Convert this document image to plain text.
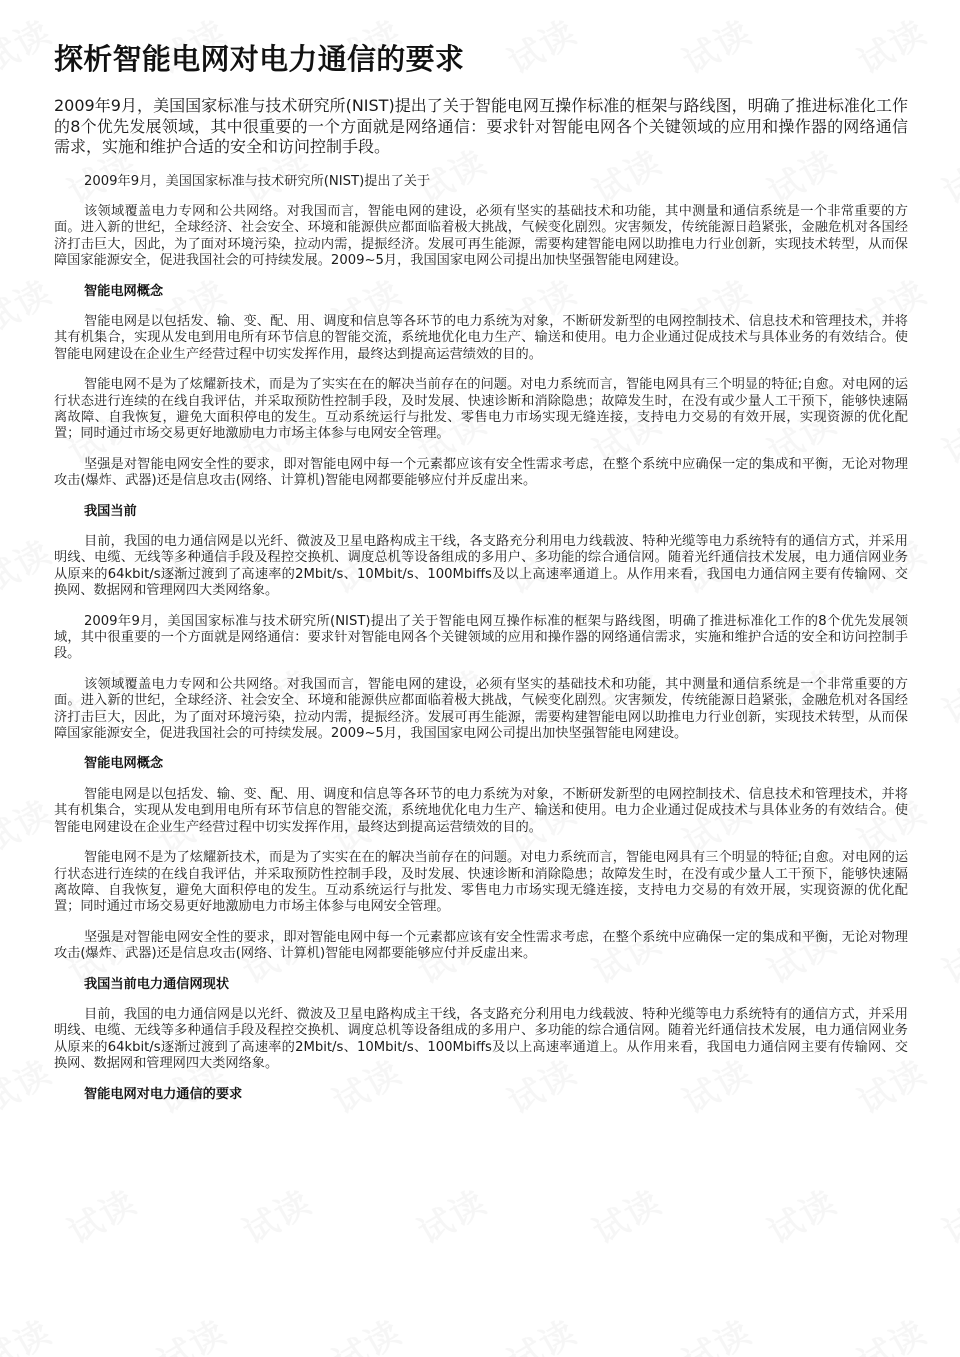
探析智能电网对电力通信的要求

2009年9月，美国国家标准与技术研究所(NIST)提出了关于智能电网互操作标准的框架与路线图，明确了推进标准化工作的8个优先发展领域，其中很重要的一个方面就是网络通信：要求针对智能电网各个关键领域的应用和操作器的网络通信需求，实施和维护合适的安全和访问控制手段。

2009年9月，美国国家标准与技术研究所(NIST)提出了关于

该领域覆盖电力专网和公共网络。对我国而言，智能电网的建设，必须有坚实的基础技术和功能，其中测量和通信系统是一个非常重要的方面。进入新的世纪，全球经济、社会安全、环境和能源供应都面临着极大挑战，气候变化剧烈。灾害频发，传统能源日趋紧张，金融危机对各国经济打击巨大，因此，为了面对环境污染，拉动内需，提振经济。发展可再生能源，需要构建智能电网以助推电力行业创新，实现技术转型，从而保障国家能源安全，促进我国社会的可持续发展。2009~5月，我国国家电网公司提出加快坚强智能电网建设。

智能电网概念

智能电网是以包括发、输、变、配、用、调度和信息等各环节的电力系统为对象，不断研发新型的电网控制技术、信息技术和管理技术，并将其有机集合，实现从发电到用电所有环节信息的智能交流，系统地优化电力生产、输送和使用。电力企业通过促成技术与具体业务的有效结合。使智能电网建设在企业生产经营过程中切实发挥作用，最终达到提高运营绩效的目的。

智能电网不是为了炫耀新技术，而是为了实实在在的解决当前存在的问题。对电力系统而言，智能电网具有三个明显的特征;自愈。对电网的运行状态进行连续的在线自我评估，并采取预防性控制手段，及时发展、快速诊断和消除隐患；故障发生时，在没有或少量人工干预下，能够快速隔离故障、自我恢复，避免大面积停电的发生。互动系统运行与批发、零售电力市场实现无缝连接，支持电力交易的有效开展，实现资源的优化配置；同时通过市场交易更好地激励电力市场主体参与电网安全管理。

坚强是对智能电网安全性的要求，即对智能电网中每一个元素都应该有安全性需求考虑，在整个系统中应确保一定的集成和平衡，无论对物理攻击(爆炸、武器)还是信息攻击(网络、计算机)智能电网都要能够应付并反虚出来。

我国当前

目前，我国的电力通信网是以光纤、微波及卫星电路构成主干线，各支路充分利用电力线载波、特种光缆等电力系统特有的通信方式，并采用明线、电缆、无线等多种通信手段及程控交换机、调度总机等设备组成的多用户、多功能的综合通信网。随着光纤通信技术发展，电力通信网业务从原来的64kbit/s逐渐过渡到了高速率的2Mbit/s、10Mbit/s、100Mbiffs及以上高速率通道上。从作用来看，我国电力通信网主要有传输网、交换网、数据网和管理网四大类网络象。

2009年9月，美国国家标准与技术研究所(NIST)提出了关于智能电网互操作标准的框架与路线图，明确了推进标准化工作的8个优先发展领域，其中很重要的一个方面就是网络通信：要求针对智能电网各个关键领域的应用和操作器的网络通信需求，实施和维护合适的安全和访问控制手段。

该领域覆盖电力专网和公共网络。对我国而言，智能电网的建设，必须有坚实的基础技术和功能，其中测量和通信系统是一个非常重要的方面。进入新的世纪，全球经济、社会安全、环境和能源供应都面临着极大挑战，气候变化剧烈。灾害频发，传统能源日趋紧张，金融危机对各国经济打击巨大，因此，为了面对环境污染，拉动内需，提振经济。发展可再生能源，需要构建智能电网以助推电力行业创新，实现技术转型，从而保障国家能源安全，促进我国社会的可持续发展。2009~5月，我国国家电网公司提出加快坚强智能电网建设。

智能电网概念

智能电网是以包括发、输、变、配、用、调度和信息等各环节的电力系统为对象，不断研发新型的电网控制技术、信息技术和管理技术，并将其有机集合，实现从发电到用电所有环节信息的智能交流，系统地优化电力生产、输送和使用。电力企业通过促成技术与具体业务的有效结合。使智能电网建设在企业生产经营过程中切实发挥作用，最终达到提高运营绩效的目的。

智能电网不是为了炫耀新技术，而是为了实实在在的解决当前存在的问题。对电力系统而言，智能电网具有三个明显的特征;自愈。对电网的运行状态进行连续的在线自我评估，并采取预防性控制手段，及时发展、快速诊断和消除隐患；故障发生时，在没有或少量人工干预下，能够快速隔离故障、自我恢复，避免大面积停电的发生。互动系统运行与批发、零售电力市场实现无缝连接，支持电力交易的有效开展，实现资源的优化配置；同时通过市场交易更好地激励电力市场主体参与电网安全管理。

坚强是对智能电网安全性的要求，即对智能电网中每一个元素都应该有安全性需求考虑，在整个系统中应确保一定的集成和平衡，无论对物理攻击(爆炸、武器)还是信息攻击(网络、计算机)智能电网都要能够应付并反虚出来。

我国当前电力通信网现状

目前，我国的电力通信网是以光纤、微波及卫星电路构成主干线，各支路充分利用电力线载波、特种光缆等电力系统特有的通信方式，并采用明线、电缆、无线等多种通信手段及程控交换机、调度总机等设备组成的多用户、多功能的综合通信网。随着光纤通信技术发展，电力通信网业务从原来的64kbit/s逐渐过渡到了高速率的2Mbit/s、10Mbit/s、100Mbiffs及以上高速率通道上。从作用来看，我国电力通信网主要有传输网、交换网、数据网和管理网四大类网络象。

智能电网对电力通信的要求
